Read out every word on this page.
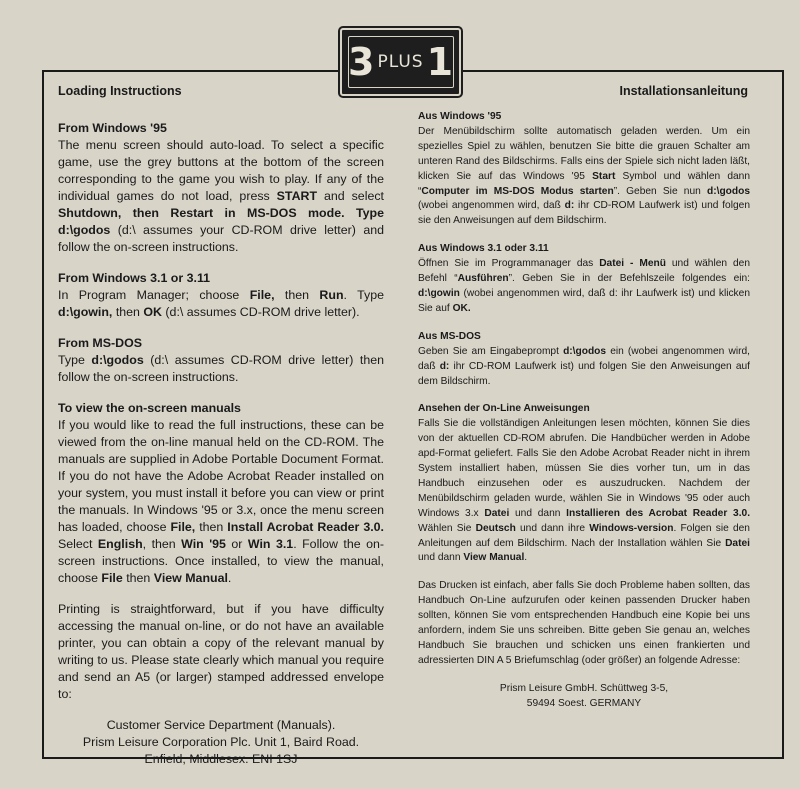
3 PLUS 1
Loading Instructions	Installationsanleitung
From Windows '95

The menu screen should auto-load. To select a specific game, use the grey buttons at the bottom of the screen corresponding to the game you wish to play. If any of the individual games do not load, press START and select Shutdown, then Restart in MS-DOS mode. Type d:\godos (d:\ assumes your CD-ROM drive letter) and follow the on-screen instructions.

From Windows 3.1 or 3.11

In Program Manager; choose File, then Run. Type d:\gowin, then OK (d:\ assumes CD-ROM drive letter).

From MS-DOS

Type d:\godos (d:\ assumes CD-ROM drive letter) then follow the on-screen instructions.

To view the on-screen manuals

If you would like to read the full instructions, these can be viewed from the on-line manual held on the CD-ROM. The manuals are supplied in Adobe Portable Document Format. If you do not have the Adobe Acrobat Reader installed on your system, you must install it before you can view or print the manuals. In Windows '95 or 3.x, once the menu screen has loaded, choose File, then Install Acrobat Reader 3.0. Select English, then Win '95 or Win 3.1. Follow the on-screen instructions. Once installed, to view the manual, choose File then View Manual.

Printing is straightforward, but if you have difficulty accessing the manual on-line, or do not have an available printer, you can obtain a copy of the relevant manual by writing to us. Please state clearly which manual you require and send an A5 (or larger) stamped addressed envelope to:

Customer Service Department (Manuals).
Prism Leisure Corporation Plc. Unit 1, Baird Road.
Enfield, Middlesex. ENI 1SJ
Aus Windows '95

Der Menübildschirm sollte automatisch geladen werden. Um ein spezielles Spiel zu wählen, benutzen Sie bitte die grauen Schalter am unteren Rand des Bildschirms. Falls eins der Spiele sich nicht laden läßt, klicken Sie auf das Windows '95 Start Symbol und wählen dann “Computer im MS-DOS Modus starten”. Geben Sie nun d:\godos (wobei angenommen wird, daß d: ihr CD-ROM Laufwerk ist) und folgen sie den Anweisungen auf dem Bildschirm.

Aus Windows 3.1 oder 3.11

Öffnen Sie im Programmanager das Datei - Menü und wählen den Befehl “Ausführen”. Geben Sie in der Befehlszeile folgendes ein: d:\gowin (wobei angenommen wird, daß d: ihr Laufwerk ist) und klicken Sie auf OK.

Aus MS-DOS

Geben Sie am Eingabeprompt d:\godos ein (wobei angenommen wird, daß d: ihr CD-ROM Laufwerk ist) und folgen Sie den Anweisungen auf dem Bildschirm.

Ansehen der On-Line Anweisungen

Falls Sie die vollständigen Anleitungen lesen möchten, können Sie dies von der aktuellen CD-ROM abrufen. Die Handbücher werden in Adobe apd-Format geliefert. Falls Sie den Adobe Acrobat Reader nicht in ihrem System installiert haben, müssen Sie dies vorher tun, um in das Handbuch einzusehen oder es auszudrucken. Nachdem der Menübildschirm geladen wurde, wählen Sie in Windows '95 oder auch Windows 3.x Datei und dann Installieren des Acrobat Reader 3.0. Wählen Sie Deutsch und dann ihre Windows-version. Folgen sie den Anleitungen auf dem Bildschirm. Nach der Installation wählen Sie Datei und dann View Manual.

Das Drucken ist einfach, aber falls Sie doch Probleme haben sollten, das Handbuch On-Line aufzurufen oder keinen passenden Drucker haben sollten, können Sie vom entsprechenden Handbuch eine Kopie bei uns anfordern, indem Sie uns schreiben. Bitte geben Sie genau an, welches Handbuch Sie brauchen und schicken uns einen frankierten und adressierten DIN A 5 Briefumschlag (oder größer) an folgende Adresse:

Prism Leisure GmbH. Schüttweg 3-5,
59494 Soest. GERMANY
